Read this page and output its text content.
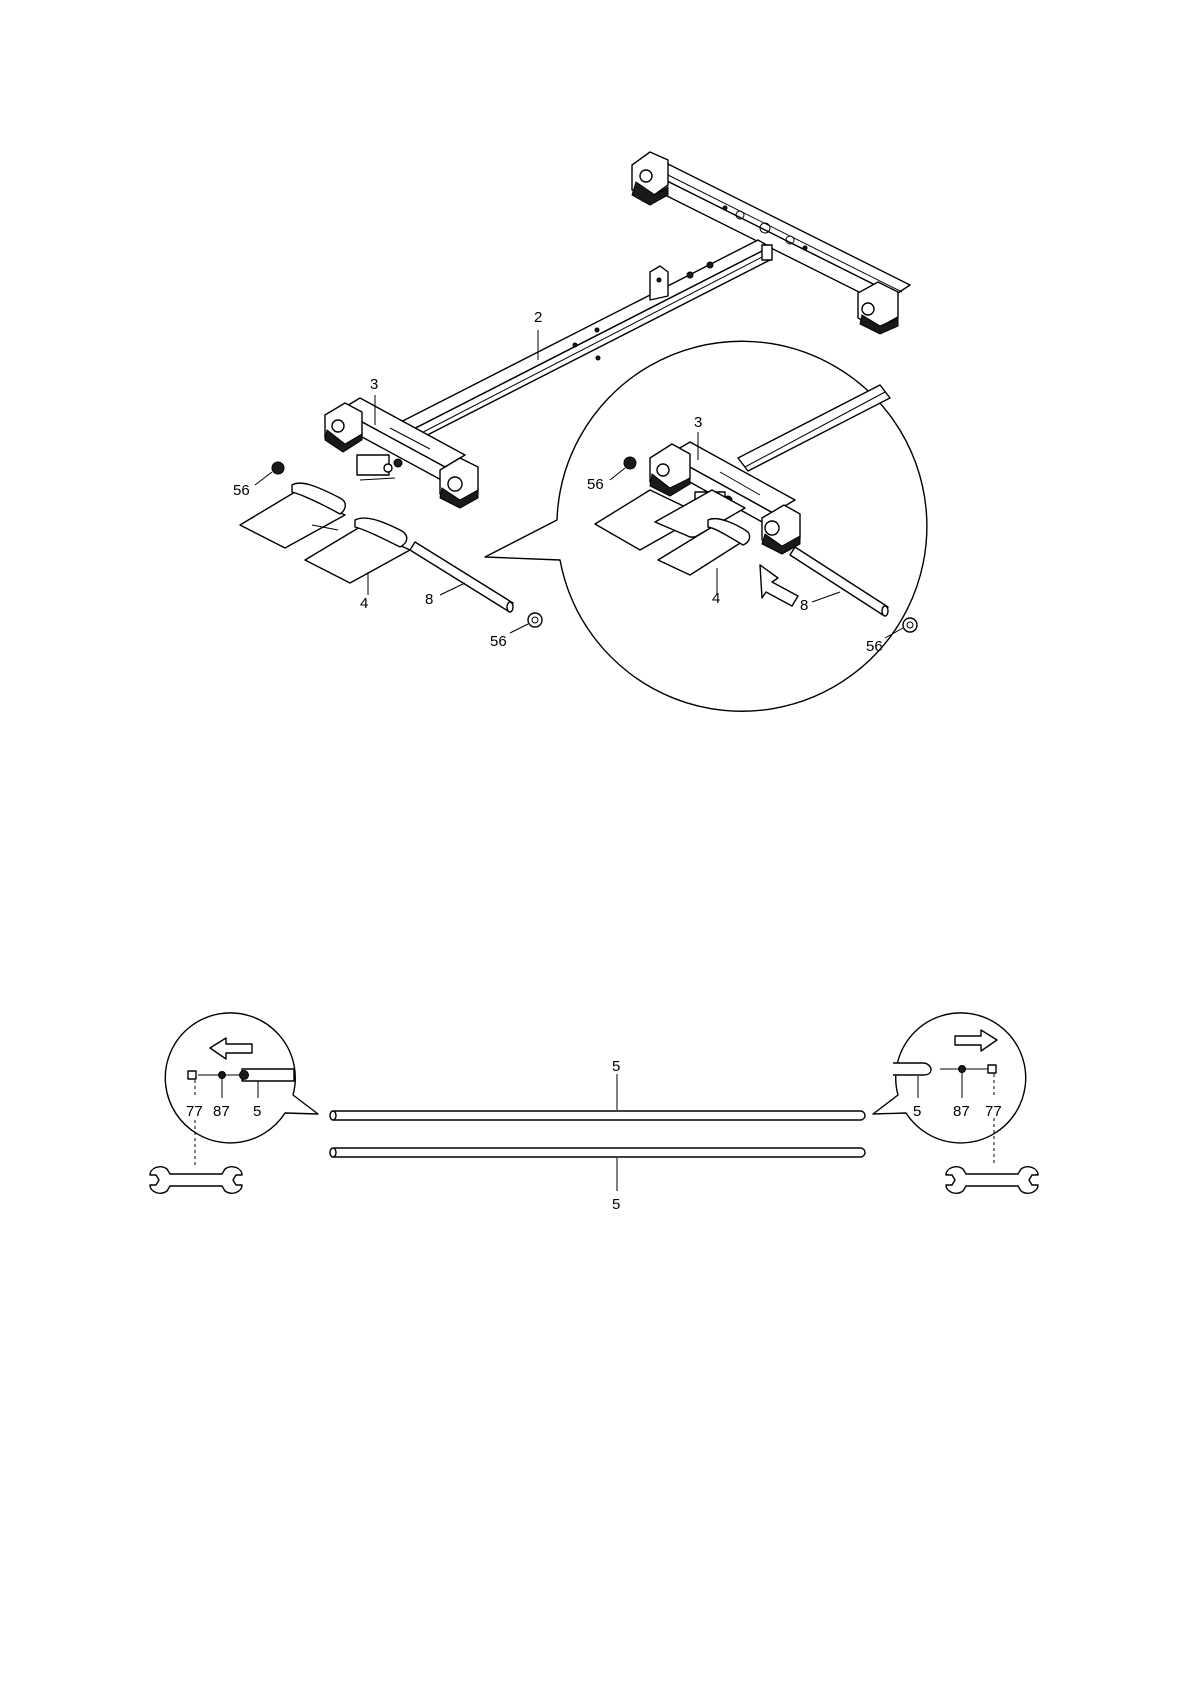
2
3
56
4	8
56
3
56
4	8
56
5
5
77 87 5	5 87 77
